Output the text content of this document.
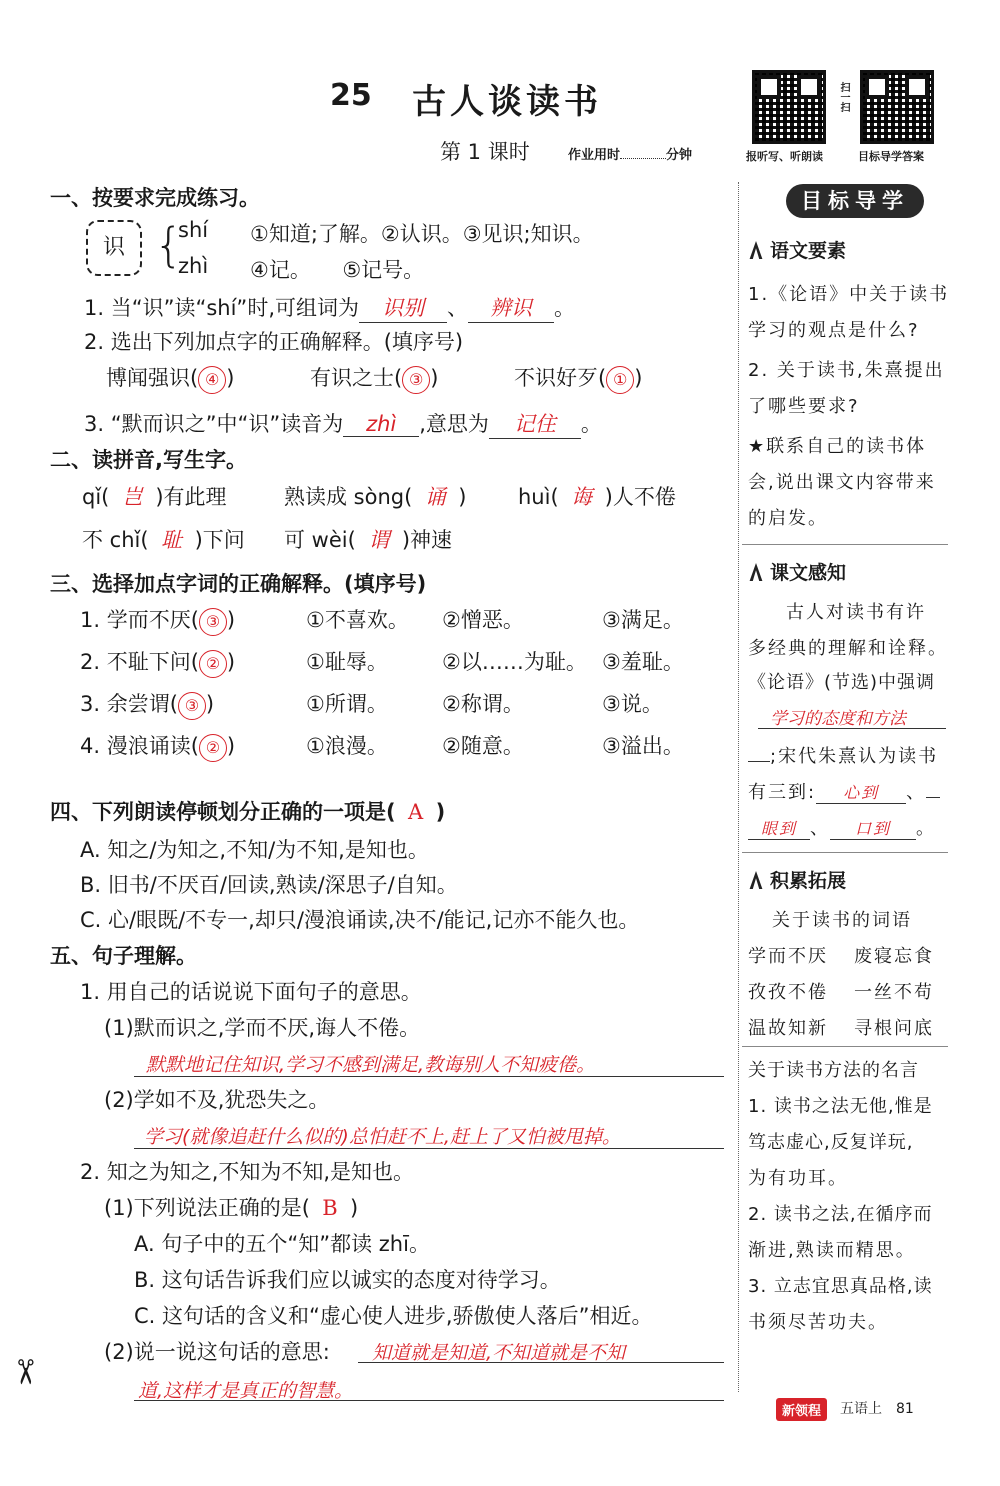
25 古人谈读书
第 1 课时	作业用时	分钟	报听写、听朗读
扫一扫
目标导学答案
一、按要求完成练习。
识 {
shí
zhì
①知道;了解。②认识。③见识;知识。
④记。　　⑤记号。
1. 当“识”读“shí”时,可组词为 识别 、 辨识 。
2. 选出下列加点字的正确解释。(填序号)
博闻强识( ④ )	有识之士( ③ )	不识好歹( ① )
3. “默而识之”中“识”读音为 zhì ,意思为 记住 。
二、读拼音,写生字。
qǐ( 岂 )有此理	熟读成 sòng( 诵 ) huì( 诲 )人不倦
不 chǐ( 耻 )下问 可 wèi( 谓 )神速
三、选择加点字词的正确解释。(填序号)
1. 学而不厌( ③ )	①不喜欢。 ②憎恶。	③满足。
2. 不耻下问( ② )	①耻辱。	②以……为耻。 ③羞耻。
3. 余尝谓( ③ )	①所谓。	②称谓。	③说。
4. 漫浪诵读( ② )	①浪漫。	②随意。	③溢出。
四、下列朗读停顿划分正确的一项是( A )
A. 知之/为知之,不知/为不知,是知也。
B. 旧书/不厌百/回读,熟读/深思子/自知。
C. 心/眼既/不专一,却只/漫浪诵读,决不/能记,记亦不能久也。
五、句子理解。
1. 用自己的话说说下面句子的意思。
(1)默而识之,学而不厌,诲人不倦。
默默地记住知识,学习不感到满足,教诲别人不知疲倦。
(2)学如不及,犹恐失之。
学习(就像追赶什么似的)总怕赶不上,赶上了又怕被甩掉。
2. 知之为知之,不知为不知,是知也。
(1)下列说法正确的是( B )
A. 句子中的五个“知”都读 zhī。
B. 这句话告诉我们应以诚实的态度对待学习。
C. 这句话的含义和“虚心使人进步,骄傲使人落后”相近。
(2)说一说这句话的意思: 知道就是知道,不知道就是不知
道,这样才是真正的智慧。
✂
目标导学
语文要素
1.《论语》中关于读书
学习的观点是什么?
2. 关于读书,朱熹提出
了哪些要求?
★联系自己的读书体
会,说出课文内容带来
的启发。
课文感知
古人对读书有许
多经典的理解和诠释。
《论语》(节选)中强调
学习的态度和方法
;宋代朱熹认为读书
有三到: 心到 、
眼到 、 口到 。
积累拓展
关于读书的词语
学而不厌 废寝忘食
孜孜不倦 一丝不苟
温故知新 寻根问底
关于读书方法的名言
1. 读书之法无他,惟是
笃志虚心,反复详玩,
为有功耳。
2. 读书之法,在循序而
渐进,熟读而精思。
3. 立志宜思真品格,读
书须尽苦功夫。
新领程	五语上　81
